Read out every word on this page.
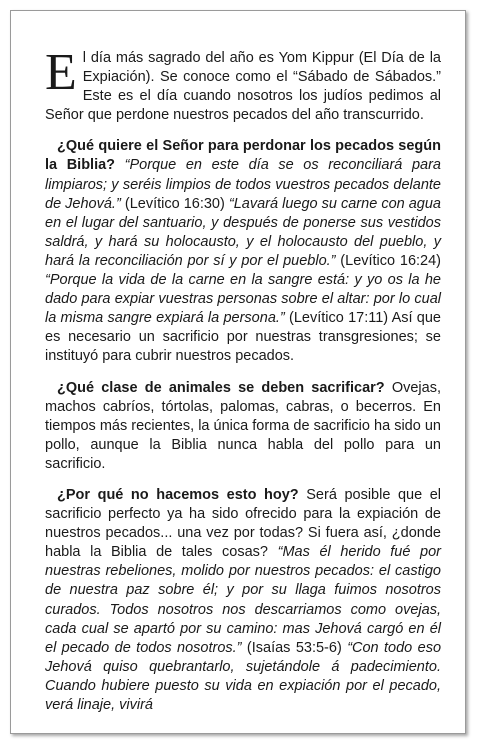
El día más sagrado del año es Yom Kippur (El Día de la Expiación). Se conoce como el “Sábado de Sábados.” Este es el día cuando nosotros los judíos pedimos al Señor que perdone nuestros pecados del año transcurrido.

¿Qué quiere el Señor para perdonar los pecados según la Biblia? “Porque en este día se os reconciliará para limpiaros; y seréis limpios de todos vuestros pecados delante de Jehová.” (Levítico 16:30) “Lavará luego su carne con agua en el lugar del santuario, y después de ponerse sus vestidos saldrá, y hará su holocausto, y el holocausto del pueblo, y hará la reconciliación por sí y por el pueblo.” (Levítico 16:24) “Porque la vida de la carne en la sangre está: y yo os la he dado para expiar vuestras personas sobre el altar: por lo cual la misma sangre expiará la persona.” (Levítico 17:11) Así que es necesario un sacrificio por nuestras transgresiones; se instituyó para cubrir nuestros pecados.

¿Qué clase de animales se deben sacrificar? Ovejas, machos cabríos, tórtolas, palomas, cabras, o becerros. En tiempos más recientes, la única forma de sacrificio ha sido un pollo, aunque la Biblia nunca habla del pollo para un sacrificio.

¿Por qué no hacemos esto hoy? Será posible que el sacrificio perfecto ya ha sido ofrecido para la expiación de nuestros pecados... una vez por todas? Si fuera así, ¿donde habla la Biblia de tales cosas? “Mas él herido fué por nuestras rebeliones, molido por nuestros pecados: el castigo de nuestra paz sobre él; y por su llaga fuimos nosotros curados. Todos nosotros nos descarriamos como ovejas, cada cual se apartó por su camino: mas Jehová cargó en él el pecado de todos nosotros.” (Isaías 53:5-6) “Con todo eso Jehová quiso quebrantarlo, sujetándole á padecimiento. Cuando hubiere puesto su vida en expiación por el pecado, verá linaje, vivirá
